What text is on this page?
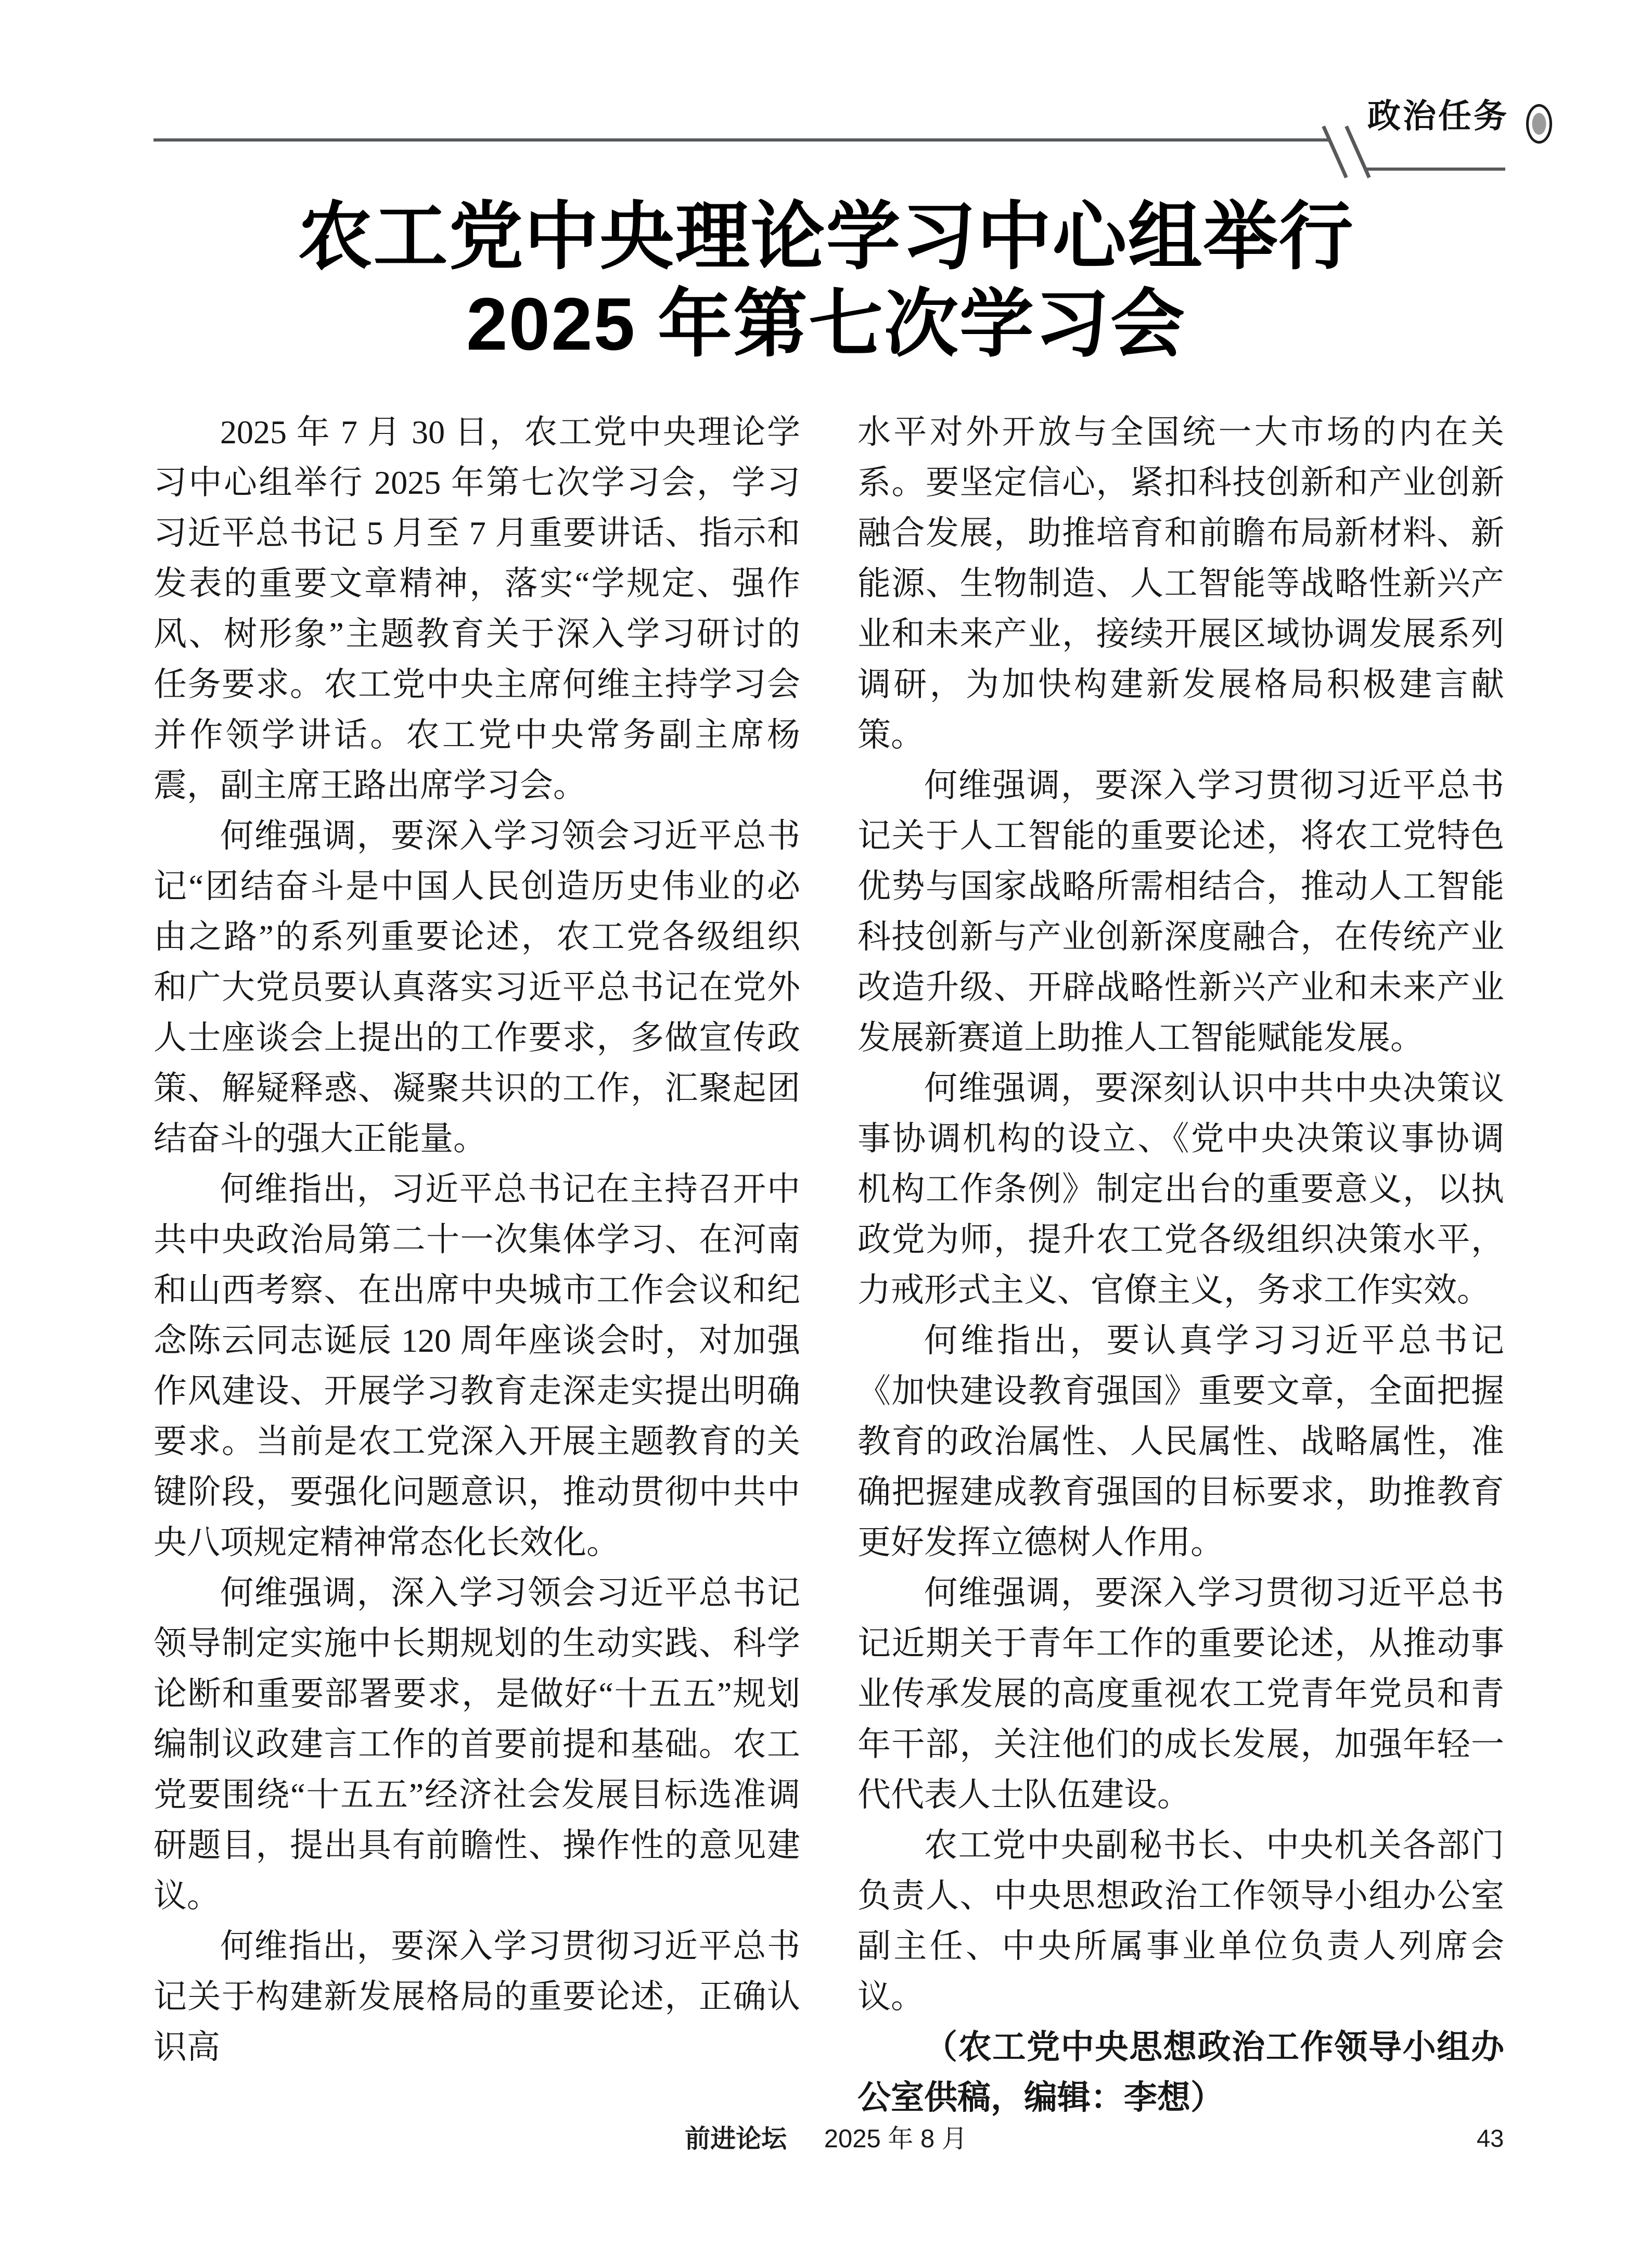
政治任务
农工党中央理论学习中心组举行
2025 年第七次学习会

2025 年 7 月 30 日，农工党中央理论学习中心组举行 2025 年第七次学习会，学习习近平总书记 5 月至 7 月重要讲话、指示和发表的重要文章精神，落实“学规定、强作风、树形象”主题教育关于深入学习研讨的任务要求。农工党中央主席何维主持学习会并作领学讲话。农工党中央常务副主席杨震，副主席王路出席学习会。

何维强调，要深入学习领会习近平总书记“团结奋斗是中国人民创造历史伟业的必由之路”的系列重要论述，农工党各级组织和广大党员要认真落实习近平总书记在党外人士座谈会上提出的工作要求，多做宣传政策、解疑释惑、凝聚共识的工作，汇聚起团结奋斗的强大正能量。

何维指出，习近平总书记在主持召开中共中央政治局第二十一次集体学习、在河南和山西考察、在出席中央城市工作会议和纪念陈云同志诞辰 120 周年座谈会时，对加强作风建设、开展学习教育走深走实提出明确要求。当前是农工党深入开展主题教育的关键阶段，要强化问题意识，推动贯彻中共中央八项规定精神常态化长效化。

何维强调，深入学习领会习近平总书记领导制定实施中长期规划的生动实践、科学论断和重要部署要求，是做好“十五五”规划编制议政建言工作的首要前提和基础。农工党要围绕“十五五”经济社会发展目标选准调研题目，提出具有前瞻性、操作性的意见建议。

何维指出，要深入学习贯彻习近平总书记关于构建新发展格局的重要论述，正确认识高

水平对外开放与全国统一大市场的内在关系。要坚定信心，紧扣科技创新和产业创新融合发展，助推培育和前瞻布局新材料、新能源、生物制造、人工智能等战略性新兴产业和未来产业，接续开展区域协调发展系列调研，为加快构建新发展格局积极建言献策。

何维强调，要深入学习贯彻习近平总书记关于人工智能的重要论述，将农工党特色优势与国家战略所需相结合，推动人工智能科技创新与产业创新深度融合，在传统产业改造升级、开辟战略性新兴产业和未来产业发展新赛道上助推人工智能赋能发展。

何维强调，要深刻认识中共中央决策议事协调机构的设立、《党中央决策议事协调机构工作条例》制定出台的重要意义，以执政党为师，提升农工党各级组织决策水平，力戒形式主义、官僚主义，务求工作实效。

何维指出，要认真学习习近平总书记《加快建设教育强国》重要文章，全面把握教育的政治属性、人民属性、战略属性，准确把握建成教育强国的目标要求，助推教育更好发挥立德树人作用。

何维强调，要深入学习贯彻习近平总书记近期关于青年工作的重要论述，从推动事业传承发展的高度重视农工党青年党员和青年干部，关注他们的成长发展，加强年轻一代代表人士队伍建设。

农工党中央副秘书长、中央机关各部门负责人、中央思想政治工作领导小组办公室副主任、中央所属事业单位负责人列席会议。

（农工党中央思想政治工作领导小组办公室供稿，编辑：李想）

前进论坛 2025 年 8 月	43
